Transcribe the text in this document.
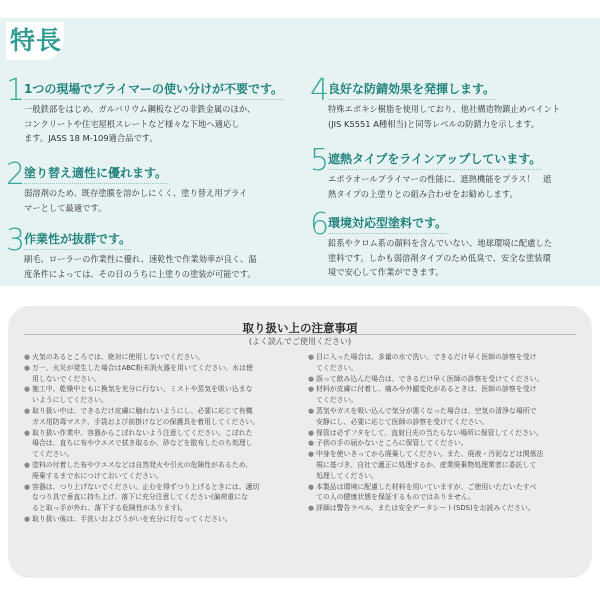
特長
1
1つの現場でプライマーの使い分けが不要です。
一般鉄部をはじめ、ガルバリウム鋼板などの非鉄金属のほか、
コンクリートや住宅屋根スレートなど様々な下地へ適応し
ます。JASS 18 M-109適合品です。
2
塗り替え適性に優れます。
弱溶剤のため、既存塗膜を溶かしにくく、塗り替え用プライ
マーとして最適です。
3
作業性が抜群です。
刷毛、ローラーの作業性に優れ、速乾性で作業効率が良く、温
度条件によっては、その日のうちに上塗りの塗装が可能です。
4
良好な防錆効果を発揮します。
特殊エポキシ樹脂を使用しており、他社構造物鎮止めペイント
(JIS K5551 A種相当)と同等レベルの防錆力を示します。
5
遮熱タイプをラインアップしています。
エポラオールプライマーの性能に、遮熱機能をプラス！　遮
熱タイプの上塗りとの組み合わせをお勧めします。
6
環境対応型塗料です。
鉛系やクロム系の顔料を含んでいない、地球環境に配慮した
塗料です。しかも弱溶剤タイプのため低臭で、安全な塗装環
境で安心して作業ができます。
取り扱い上の注意事項
(よく読んでご使用ください)
● 火気のあるところでは、絶対に使用しないでください。
● 万一、火災が発生した場合はABC粉末消火器を用いてください。水は使
用しないでください。
● 施工中、乾燥中ともに換気を充分に行ない、ミストや蒸気を吸い込まな
いようにしてください。
● 取り扱い中は、できるだけ皮膚に触れないようにし、必要に応じて有機
ガス用防毒マスク、手袋および前掛けなどの保護具を着用してください。
● 取り扱い作業中、容器からこぼれないよう注意してください。こぼれた
場合は、直ちに布やウエスで拭き取るか、砂などを散布したのち処理し
てください。
● 塗料の付着した布やウエスなどは自然発火や引火の危険性があるため、
廃棄するまで水につけておいてください。
● 容器は、つり上げないでください。止むを得ずつり上げるときには、適切
なつり具で垂直に持ち上げ、落下に充分注意してください(偏荷重にな
ると取っ手が外れ、落下する危険性があります)。
● 取り扱い後は、手洗いおよびうがいを充分に行なってください。
● 目に入った場合は、多量の水で洗い、できるだけ早く医師の診察を受け
てください。
● 誤って飲み込んだ場合は、できるだけ早く医師の診察を受けてください。
● 材料が皮膚に付着し、痛みや外観変化があるときは、医師の診察を受け
てください。
● 蒸気やガスを吸い込んで気分が悪くなった場合は、空気の清浄な場所で
安静にし、必要に応じて医師の診察を受けてください。
● 保管は必ずフタをして、直射日光の当たらない場所に保管してください。
● 子供の手の届かないところに保管してください。
● 中身を使いきってから廃棄してください。また、廃液・汚泥などは関係法
規に基づき、自社で適正に処理するか、産業廃棄物処理業者に委託して
処理してください。
● 本製品は環境に配慮した材料を用いていますが、ご使用いただいたすべ
ての人の健康状態を保証するものではありません。
● 詳細は警告ラベル、または安全データシート(SDS)をお読みください。
